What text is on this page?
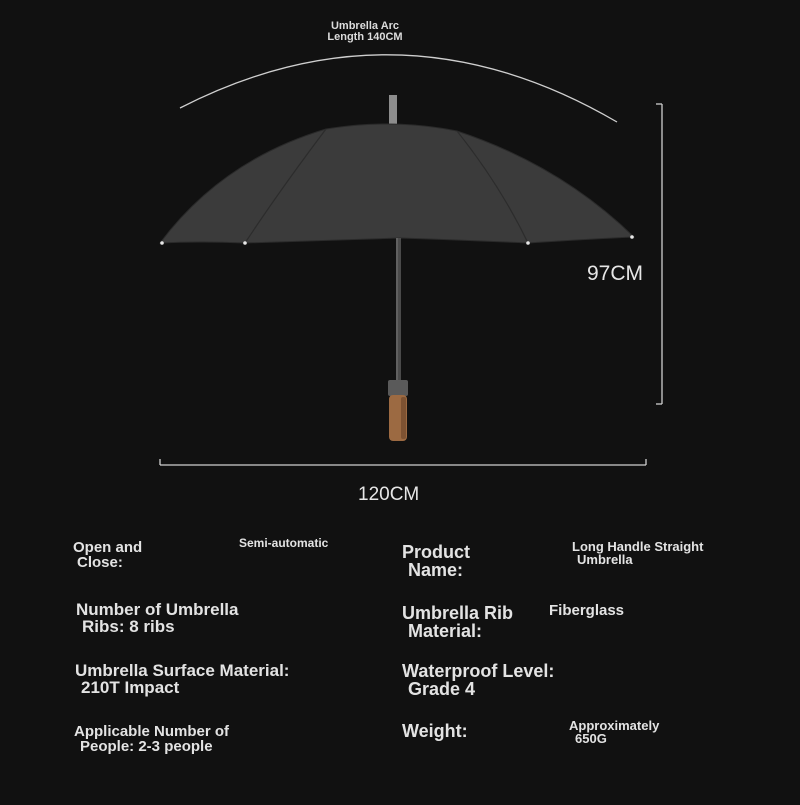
Umbrella Arc
Length 140CM
97CM
120CM
Open and
Close:
Semi-automatic
Number of Umbrella
Ribs: 8 ribs
Umbrella Surface Material:
210T Impact
Applicable Number of
People: 2-3 people
Product
Name:
Long Handle Straight
Umbrella
Umbrella Rib
Material:
Fiberglass
Waterproof Level:
Grade 4
Weight:	Approximately
650G
